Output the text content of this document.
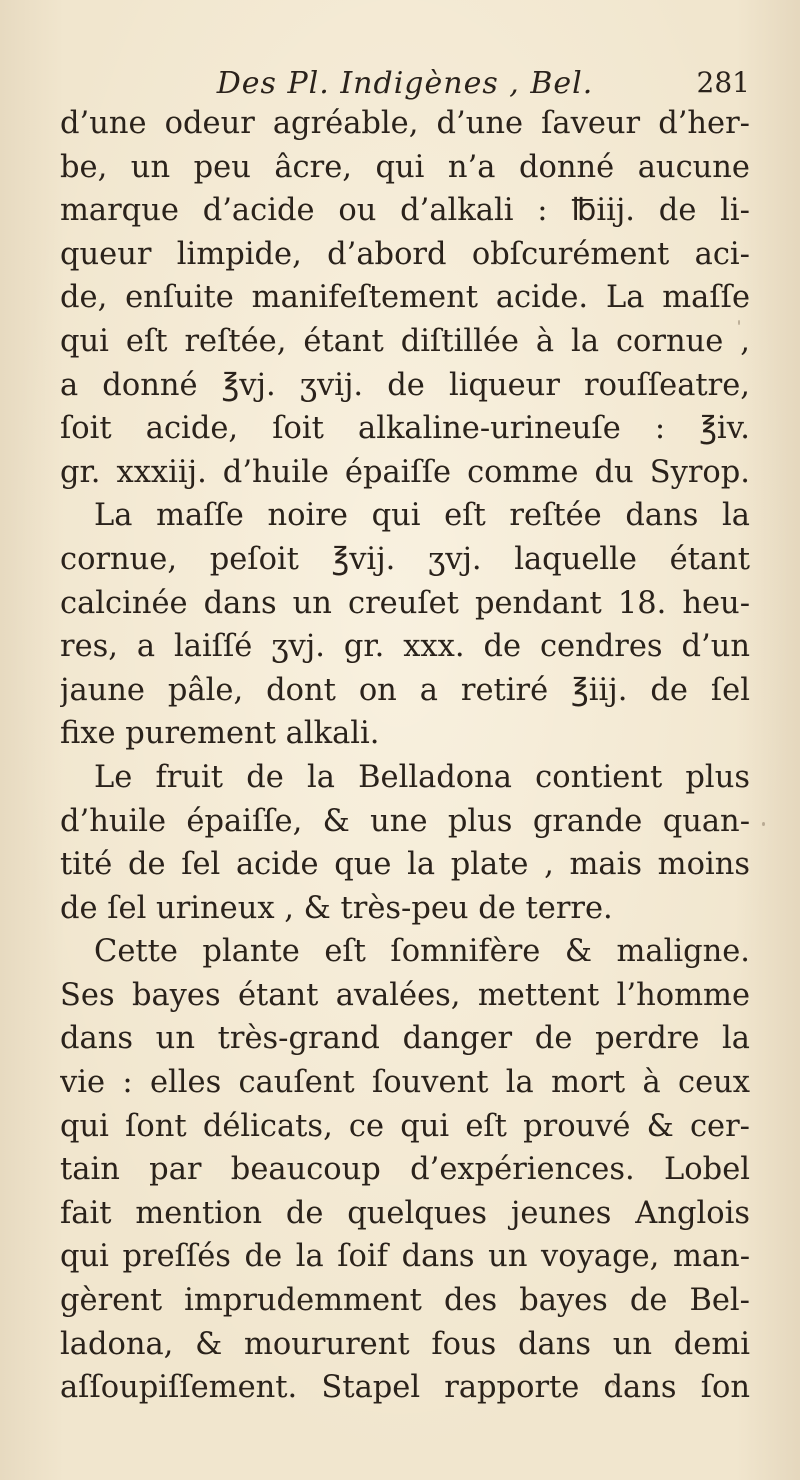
Des Pl. Indigènes , Bel.	281
d’une odeur agréable, d’une ſaveur d’her-
be, un peu âcre, qui n’a donné aucune
marque d’acide ou d’alkali : ℔iij. de li-
queur limpide, d’abord obſcurément aci-
de, enſuite manifeſtement acide. La maſſe
qui eſt reſtée, étant diſtillée à la cornue ,
a donné ℥vj. ʒvij. de liqueur rouſſeatre,
ſoit acide, ſoit alkaline-urineuſe : ℥iv.
gr. xxxiij. d’huile épaiſſe comme du Syrop.
La maſſe noire qui eſt reſtée dans la
cornue, peſoit ℥vij. ʒvj. laquelle étant
calcinée dans un creuſet pendant 18. heu-
res, a laiſſé ʒvj. gr. xxx. de cendres d’un
jaune pâle, dont on a retiré ℥iij. de ſel
fixe purement alkali.
Le fruit de la Belladona contient plus
d’huile épaiſſe, & une plus grande quan-
tité de ſel acide que la plate , mais moins
de ſel urineux , & très-peu de terre.
Cette plante eſt ſomnifère & maligne.
Ses bayes étant avalées, mettent l’homme
dans un très-grand danger de perdre la
vie : elles cauſent ſouvent la mort à ceux
qui ſont délicats, ce qui eſt prouvé & cer-
tain par beaucoup d’expériences. Lobel
fait mention de quelques jeunes Anglois
qui preſſés de la ſoif dans un voyage, man-
gèrent imprudemment des bayes de Bel-
ladona, & moururent fous dans un demi
aſſoupiſſement. Stapel rapporte dans ſon
